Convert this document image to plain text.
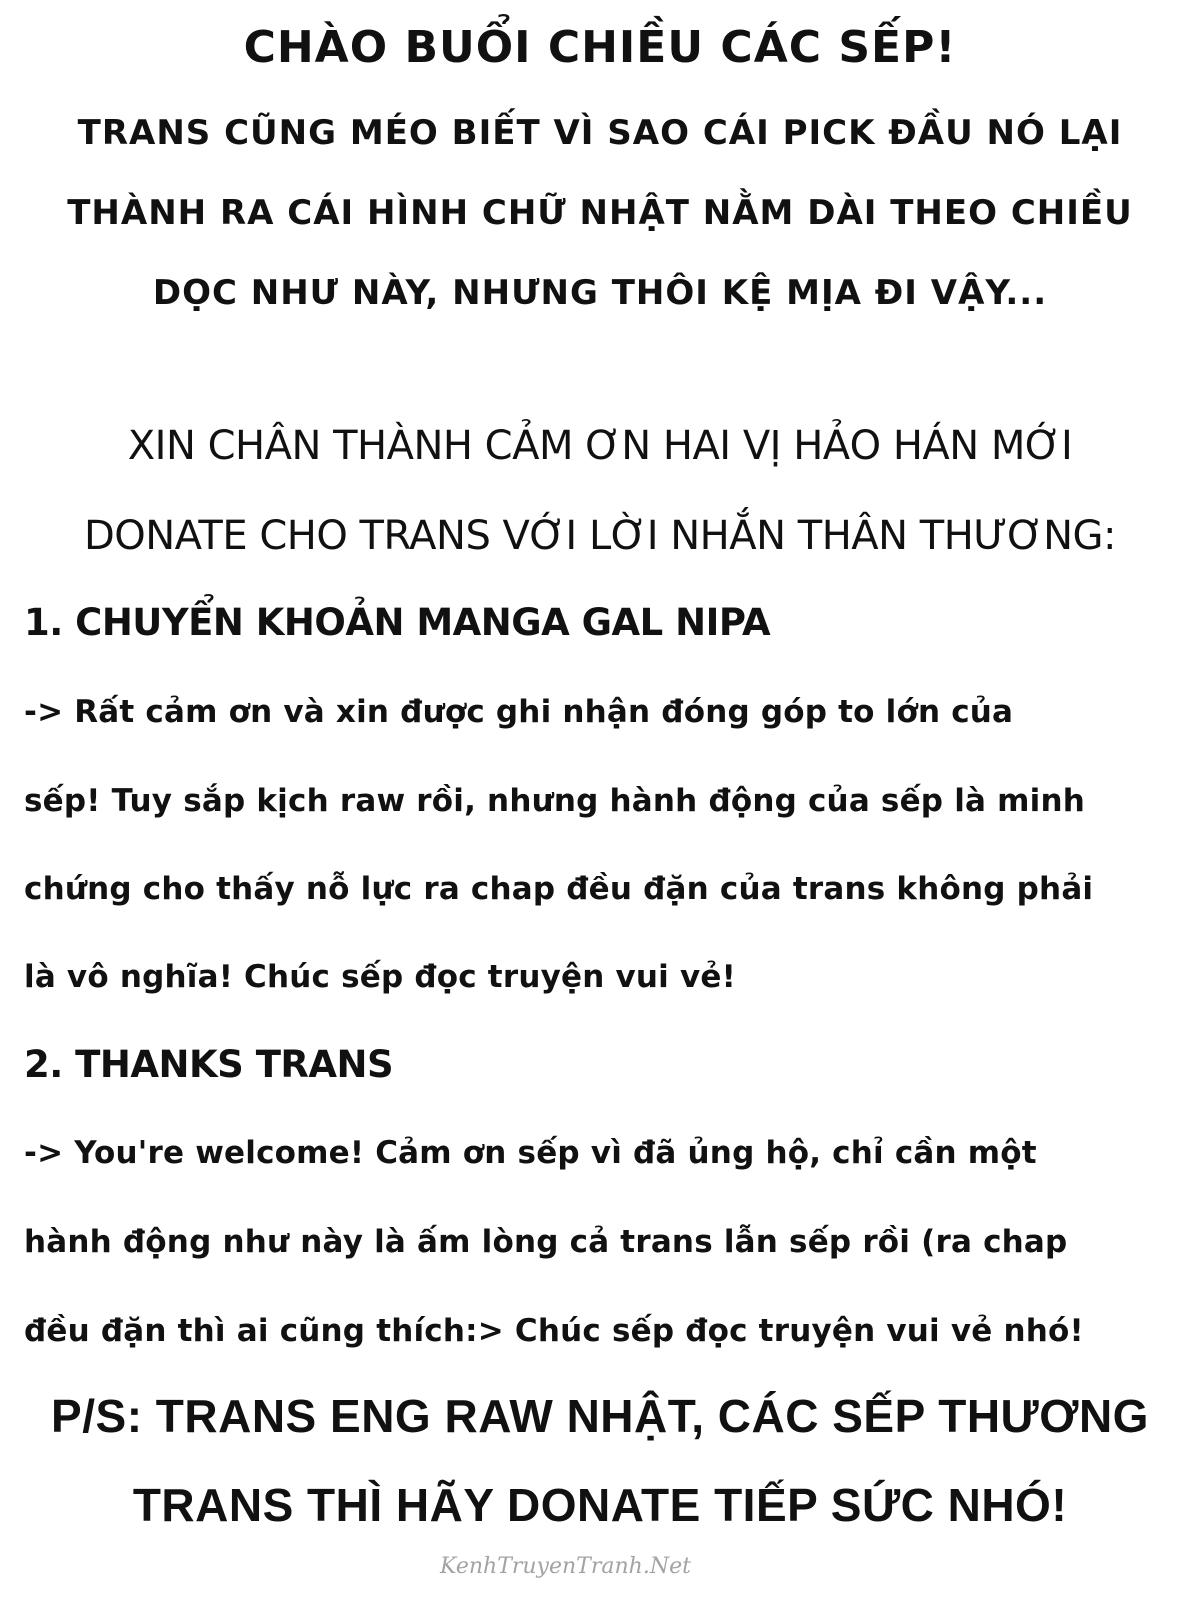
CHÀO BUỔI CHIỀU CÁC SẾP!
TRANS CŨNG MÉO BIẾT VÌ SAO CÁI PICK ĐẦU NÓ LẠI
THÀNH RA CÁI HÌNH CHỮ NHẬT NẰM DÀI THEO CHIỀU
DỌC NHƯ NÀY, NHƯNG THÔI KỆ MỊA ĐI VẬY...
XIN CHÂN THÀNH CẢM ƠN HAI VỊ HẢO HÁN MỚI
DONATE CHO TRANS VỚI LỜI NHẮN THÂN THƯƠNG:
1. CHUYỂN KHOẢN MANGA GAL NIPA
-> Rất cảm ơn và xin được ghi nhận đóng góp to lớn của
sếp! Tuy sắp kịch raw rồi, nhưng hành động của sếp là minh
chứng cho thấy nỗ lực ra chap đều đặn của trans không phải
là vô nghĩa! Chúc sếp đọc truyện vui vẻ!
2. THANKS TRANS
-> You're welcome! Cảm ơn sếp vì đã ủng hộ, chỉ cần một
hành động như này là ấm lòng cả trans lẫn sếp rồi (ra chap
đều đặn thì ai cũng thích:> Chúc sếp đọc truyện vui vẻ nhó!
P/S: TRANS ENG RAW NHẬT, CÁC SẾP THƯƠNG
TRANS THÌ HÃY DONATE TIẾP SỨC NHÓ!
KenhTruyenTranh.Net
